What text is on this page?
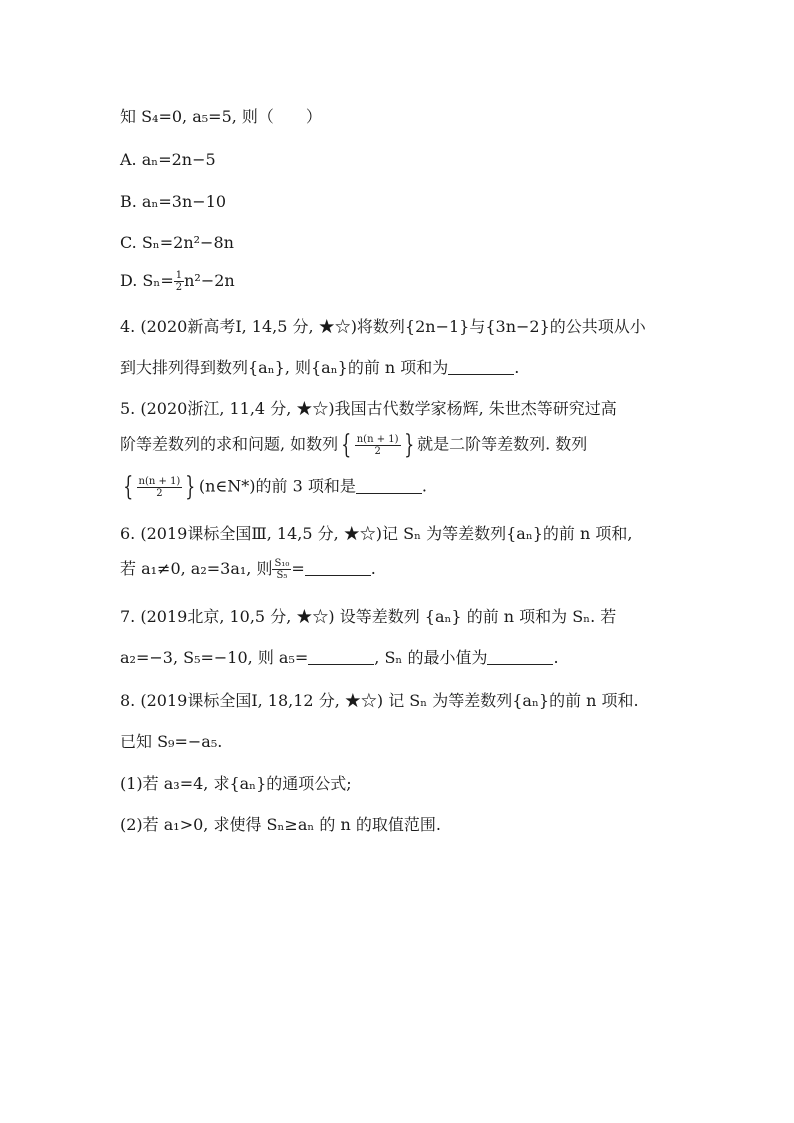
知 S₄=0, a₅=5, 则（　　）
A. aₙ=2n−5
B. aₙ=3n−10
C. Sₙ=2n²−8n
D. $S_n= \frac{1}{2} n^2-2n$
4. (2020新高考Ⅰ, 14,5 分, ★☆)将数列{2n−1}与{3n−2}的公共项从小
到大排列得到数列{aₙ}, 则{aₙ}的前 n 项和为	.
5. (2020浙江, 11,4 分, ★☆)我国古代数学家杨辉, 朱世杰等研究过高
阶等差数列的求和问题, 如数列 { $\frac{n(n + 1)}{2}$ } 就是二阶等差数列. 数列
{ $\frac{n(n + 1)}{2}$ } (n∈N*)的前 3 项和是	.
6. (2019课标全国Ⅲ, 14,5 分, ★☆)记 Sₙ 为等差数列{aₙ}的前 n 项和,
若 a₁≠0, a₂=3a₁, 则 $\frac{\text{S₁₀}}{\text{S₅}}$ =	.
7. (2019北京, 10,5 分, ★☆) 设等差数列 {aₙ} 的前 n 项和为 Sₙ. 若
a₂=−3, S₅=−10, 则 a₅=	, Sₙ 的最小值为	.
8. (2019课标全国Ⅰ, 18,12 分, ★☆) 记 Sₙ 为等差数列{aₙ}的前 n 项和.
已知 S₉=−a₅.
(1)若 a₃=4, 求{aₙ}的通项公式;
(2)若 a₁>0, 求使得 Sₙ≥aₙ 的 n 的取值范围.
